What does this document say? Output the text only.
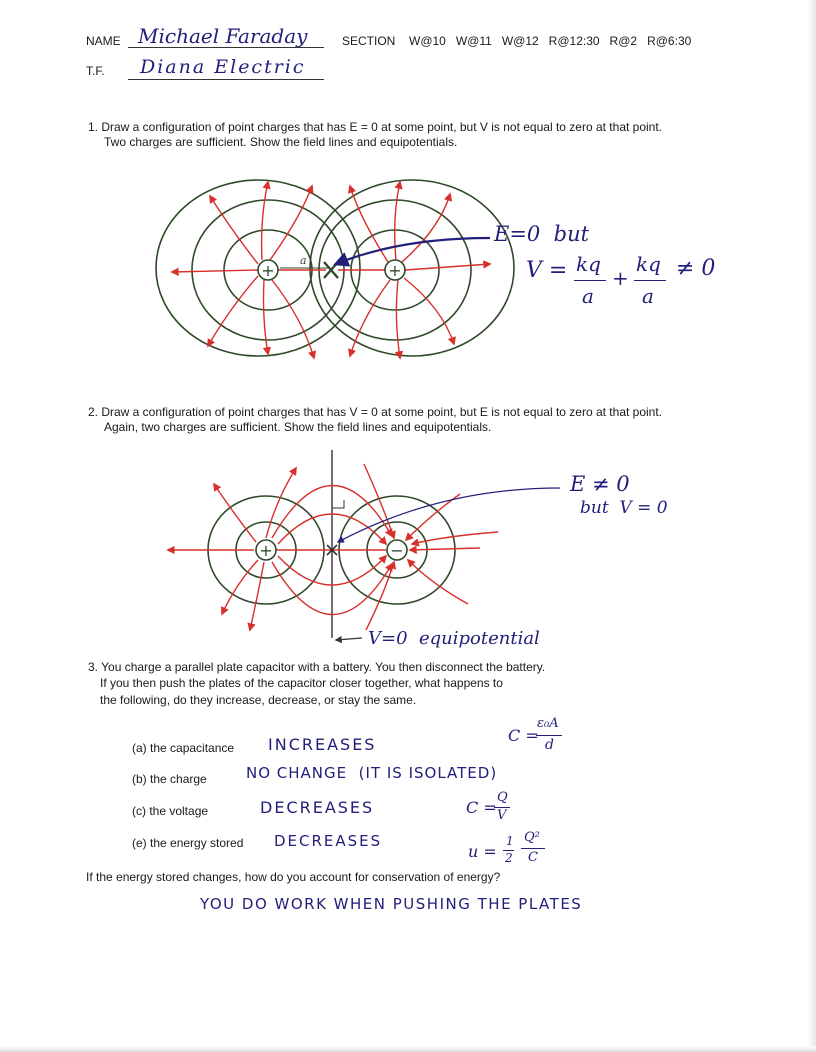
NAME Michael Faraday	SECTION W@10   W@11   W@12   R@12:30   R@2   R@6:30
T.F. Diana Electric
1. Draw a configuration of point charges that has E = 0 at some point, but V is not equal to zero at that point.
Two charges are sufficient. Show the field lines and equipotentials.
+	+
a
E=0  but
V = kq
a
+
kq
a
≠ 0
2. Draw a configuration of point charges that has V = 0 at some point, but E is not equal to zero at that point.
Again, two charges are sufficient. Show the field lines and equipotentials.
+	−
E ≠ 0
but  V = 0
V=0  equipotential
3. You charge a parallel plate capacitor with a battery. You then disconnect the battery.
If you then push the plates of the capacitor closer together, what happens to
the following, do they increase, decrease, or stay the same.
(a) the capacitance INCREASES
(b) the charge	NO CHANGE  (IT IS ISOLATED)
(c) the voltage	DECREASES
(e) the energy stored DECREASES
C =
ε₀A
d
C =
Q
V
u =
1
2
Q²
C
If the energy stored changes, how do you account for conservation of energy?
YOU DO WORK WHEN PUSHING THE PLATES
